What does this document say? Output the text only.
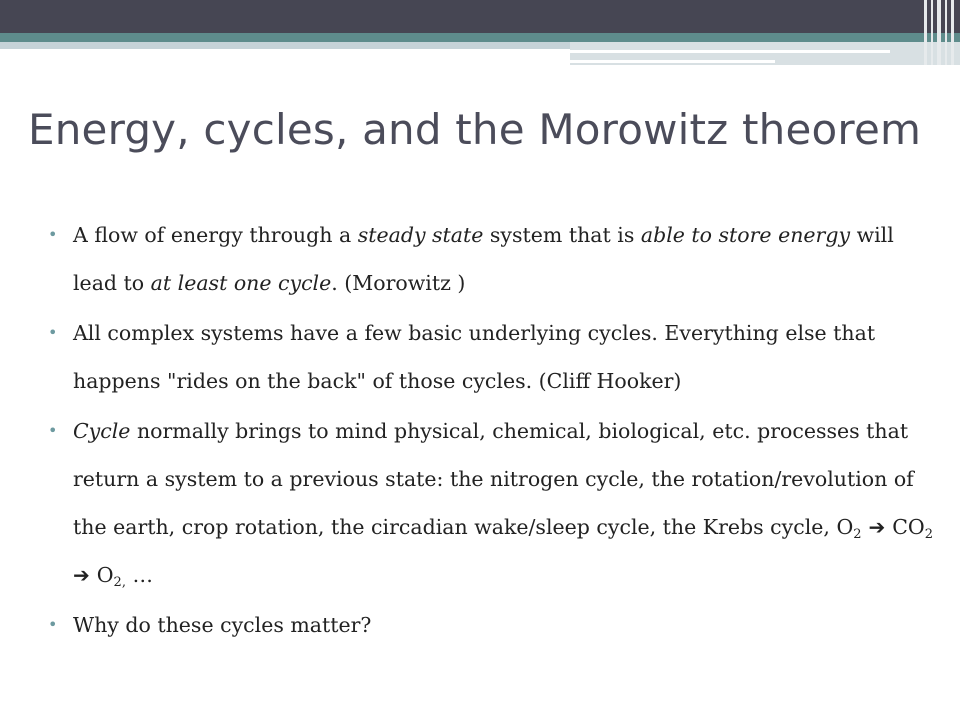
Energy, cycles, and the Morowitz theorem
• A flow of energy through a steady state system that is able to store energy will lead to at least one cycle. (Morowitz )
• All complex systems have a few basic underlying cycles. Everything else that happens "rides on the back" of those cycles. (Cliff Hooker)
• Cycle normally brings to mind physical, chemical, biological, etc. processes that return a system to a previous state: the nitrogen cycle, the rotation/revolution of the earth, crop rotation, the circadian wake/sleep cycle, the Krebs cycle, $O_2$ ➔ $CO_2$ ➔ $O_{2,}$ …
• Why do these cycles matter?
